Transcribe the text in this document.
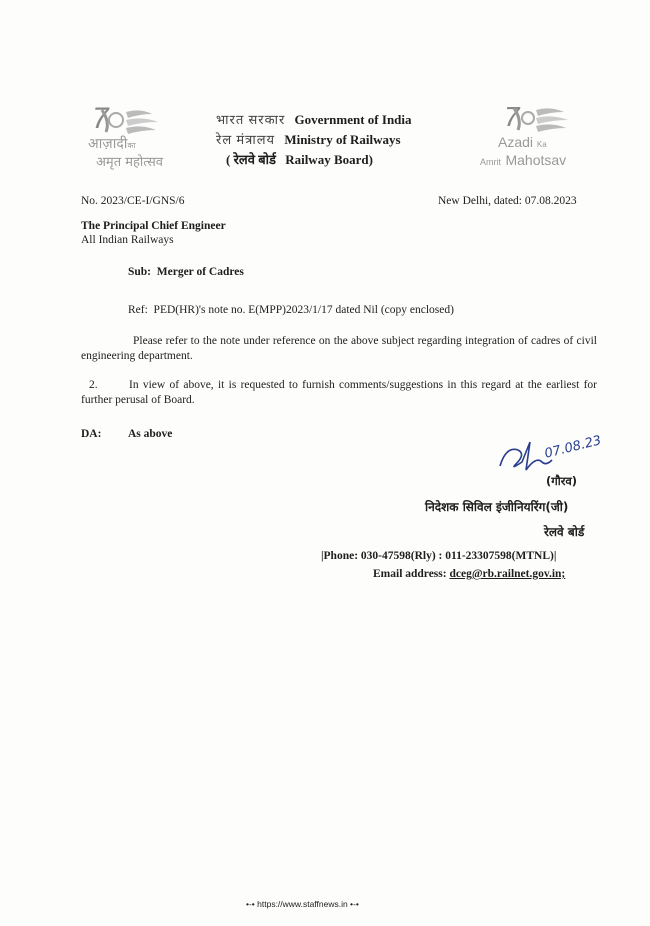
7
आज़ादीका
अमृत महोत्सव
भारत सरकार Government of India
रेल मंत्रालय Ministry of Railways
( रेलवे बोर्ड Railway Board)
7
Azadi Ka
Amrit Mahotsav
No. 2023/CE-I/GNS/6	New Delhi, dated: 07.08.2023
The Principal Chief Engineer
All Indian Railways
Sub:  Merger of Cadres
Ref:  PED(HR)'s note no. E(MPP)2023/1/17 dated Nil (copy enclosed)
Please refer to the note under reference on the above subject regarding integration of cadres of civil engineering department.
2.	In view of above, it is requested to furnish comments/suggestions in this regard at the earliest for further perusal of Board.
DA: As above	07.08.23
(गौरव)
निदेशक सिविल इंजीनियरिंग(जी)
रेलवे बोर्ड
|Phone: 030-47598(Rly) : 011-23307598(MTNL)|
Email address: dceg@rb.railnet.gov.in;
•-• https://www.staffnews.in •-•
